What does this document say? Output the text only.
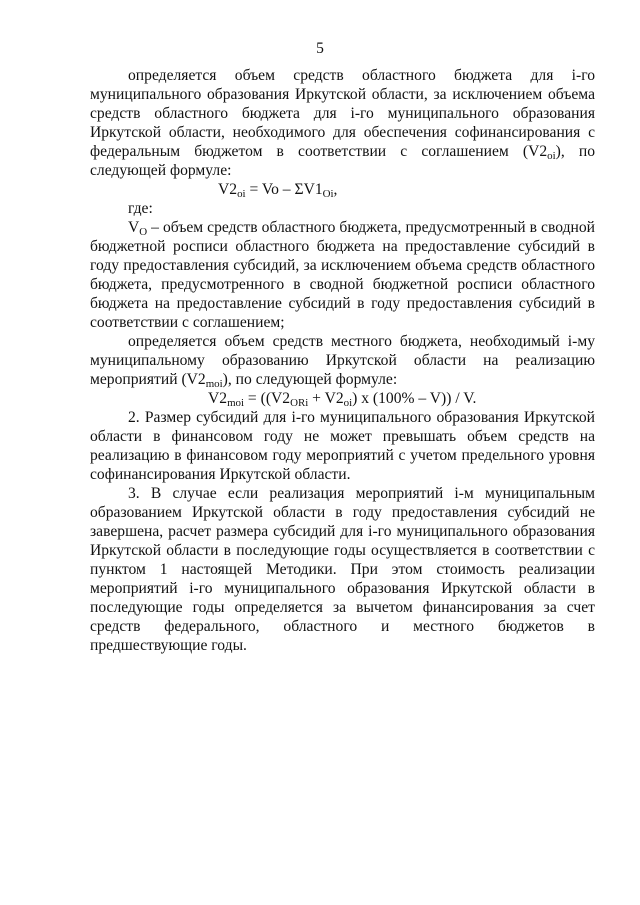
5

определяется объем средств областного бюджета для i-го муниципального образования Иркутской области, за исключением объема средств областного бюджета для i-го муниципального образования Иркутской области, необходимого для обеспечения софинансирования с федеральным бюджетом в соответствии с соглашением $(V2_{oi})$, по следующей формуле:

$V2_{oi} = Vo - \Sigma V1_{Oi}$,

где:

$V_O$ – объем средств областного бюджета, предусмотренный в сводной бюджетной росписи областного бюджета на предоставление субсидий в году предоставления субсидий, за исключением объема средств областного бюджета, предусмотренного в сводной бюджетной росписи областного бюджета на предоставление субсидий в году предоставления субсидий в соответствии с соглашением;

определяется объем средств местного бюджета, необходимый i-му муниципальному образованию Иркутской области на реализацию мероприятий $(V2_{moi})$, по следующей формуле:

$V2_{moi} = ((V2_{ORi} + V2_{oi})$ x (100% – V)) / V.

2. Размер субсидий для i-го муниципального образования Иркутской области в финансовом году не может превышать объем средств на реализацию в финансовом году мероприятий с учетом предельного уровня софинансирования Иркутской области.

3. В случае если реализация мероприятий i-м муниципальным образованием Иркутской области в году предоставления субсидий не завершена, расчет размера субсидий для i-го муниципального образования Иркутской области в последующие годы осуществляется в соответствии с пунктом 1 настоящей Методики. При этом стоимость реализации мероприятий i-го муниципального образования Иркутской области в последующие годы определяется за вычетом финансирования за счет средств федерального, областного и местного бюджетов в предшествующие годы.
